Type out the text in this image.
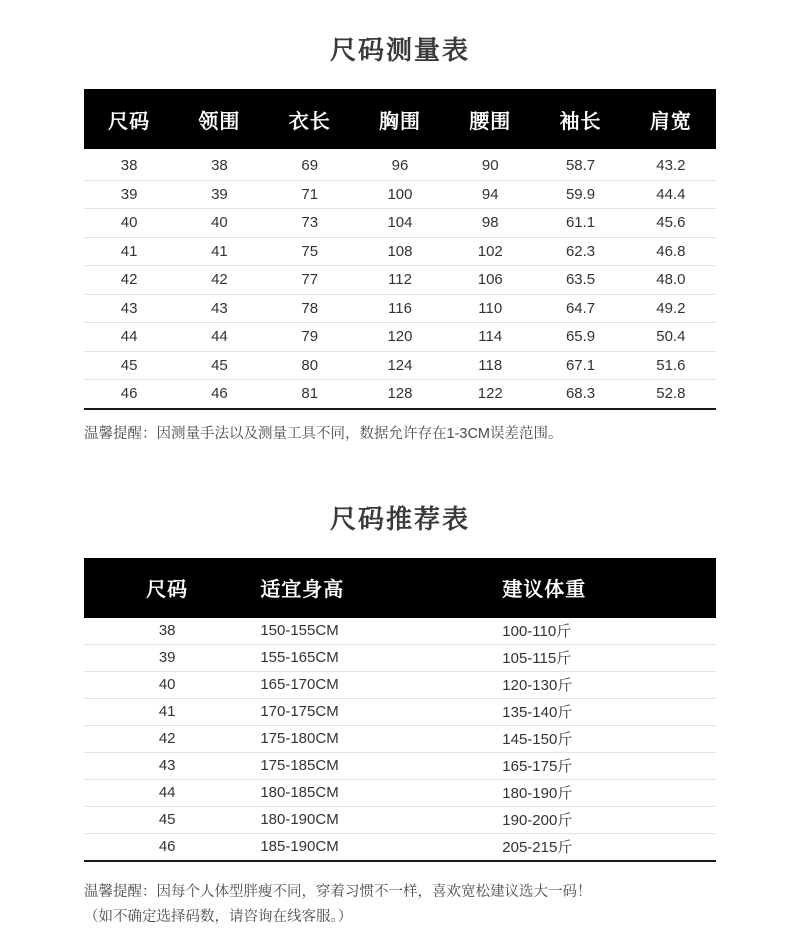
尺码测量表
尺码	领围	衣长	胸围	腰围	袖长	肩宽
38	38	69	96	90	58.7	43.2
39	39	71	100	94	59.9	44.4
40	40	73	104	98	61.1	45.6
41	41	75	108	102	62.3	46.8
42	42	77	112	106	63.5	48.0
43	43	78	116	110	64.7	49.2
44	44	79	120	114	65.9	50.4
45	45	80	124	118	67.1	51.6
46	46	81	128	122	68.3	52.8
温馨提醒：因测量手法以及测量工具不同，数据允许存在1-3CM误差范围。
尺码推荐表
尺码	适宜身高	建议体重
38	150-155CM	100-110斤
39	155-165CM	105-115斤
40	165-170CM	120-130斤
41	170-175CM	135-140斤
42	175-180CM	145-150斤
43	175-185CM	165-175斤
44	180-185CM	180-190斤
45	180-190CM	190-200斤
46	185-190CM	205-215斤
温馨提醒：因每个人体型胖瘦不同，穿着习惯不一样，喜欢宽松建议选大一码！
（如不确定选择码数，请咨询在线客服。）
